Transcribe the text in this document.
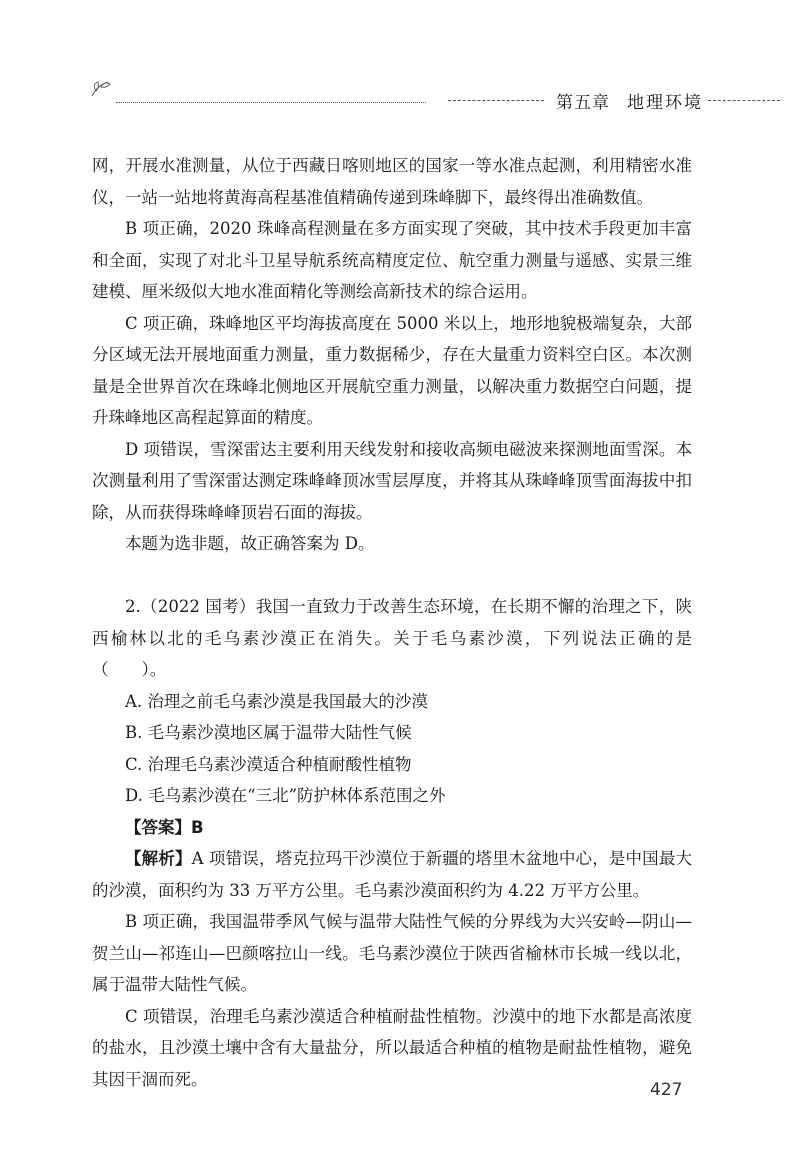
第五章 地理环境

网，开展水准测量，从位于西藏日喀则地区的国家一等水准点起测，利用精密水准仪，一站一站地将黄海高程基准值精确传递到珠峰脚下，最终得出准确数值。

B 项正确，2020 珠峰高程测量在多方面实现了突破，其中技术手段更加丰富和全面，实现了对北斗卫星导航系统高精度定位、航空重力测量与遥感、实景三维建模、厘米级似大地水准面精化等测绘高新技术的综合运用。

C 项正确，珠峰地区平均海拔高度在 5000 米以上，地形地貌极端复杂，大部分区域无法开展地面重力测量，重力数据稀少，存在大量重力资料空白区。本次测量是全世界首次在珠峰北侧地区开展航空重力测量，以解决重力数据空白问题，提升珠峰地区高程起算面的精度。

D 项错误，雪深雷达主要利用天线发射和接收高频电磁波来探测地面雪深。本次测量利用了雪深雷达测定珠峰峰顶冰雪层厚度，并将其从珠峰峰顶雪面海拔中扣除，从而获得珠峰峰顶岩石面的海拔。

本题为选非题，故正确答案为 D。

2.（2022 国考）我国一直致力于改善生态环境，在长期不懈的治理之下，陕西榆林以北的毛乌素沙漠正在消失。关于毛乌素沙漠，下列说法正确的是（　　）。

A. 治理之前毛乌素沙漠是我国最大的沙漠

B. 毛乌素沙漠地区属于温带大陆性气候

C. 治理毛乌素沙漠适合种植耐酸性植物

D. 毛乌素沙漠在“三北”防护林体系范围之外

【答案】B

【解析】A 项错误，塔克拉玛干沙漠位于新疆的塔里木盆地中心，是中国最大的沙漠，面积约为 33 万平方公里。毛乌素沙漠面积约为 4.22 万平方公里。

B 项正确，我国温带季风气候与温带大陆性气候的分界线为大兴安岭—阴山—贺兰山—祁连山—巴颜喀拉山一线。毛乌素沙漠位于陕西省榆林市长城一线以北，属于温带大陆性气候。

C 项错误，治理毛乌素沙漠适合种植耐盐性植物。沙漠中的地下水都是高浓度的盐水，且沙漠土壤中含有大量盐分，所以最适合种植的植物是耐盐性植物，避免其因干涸而死。

427
